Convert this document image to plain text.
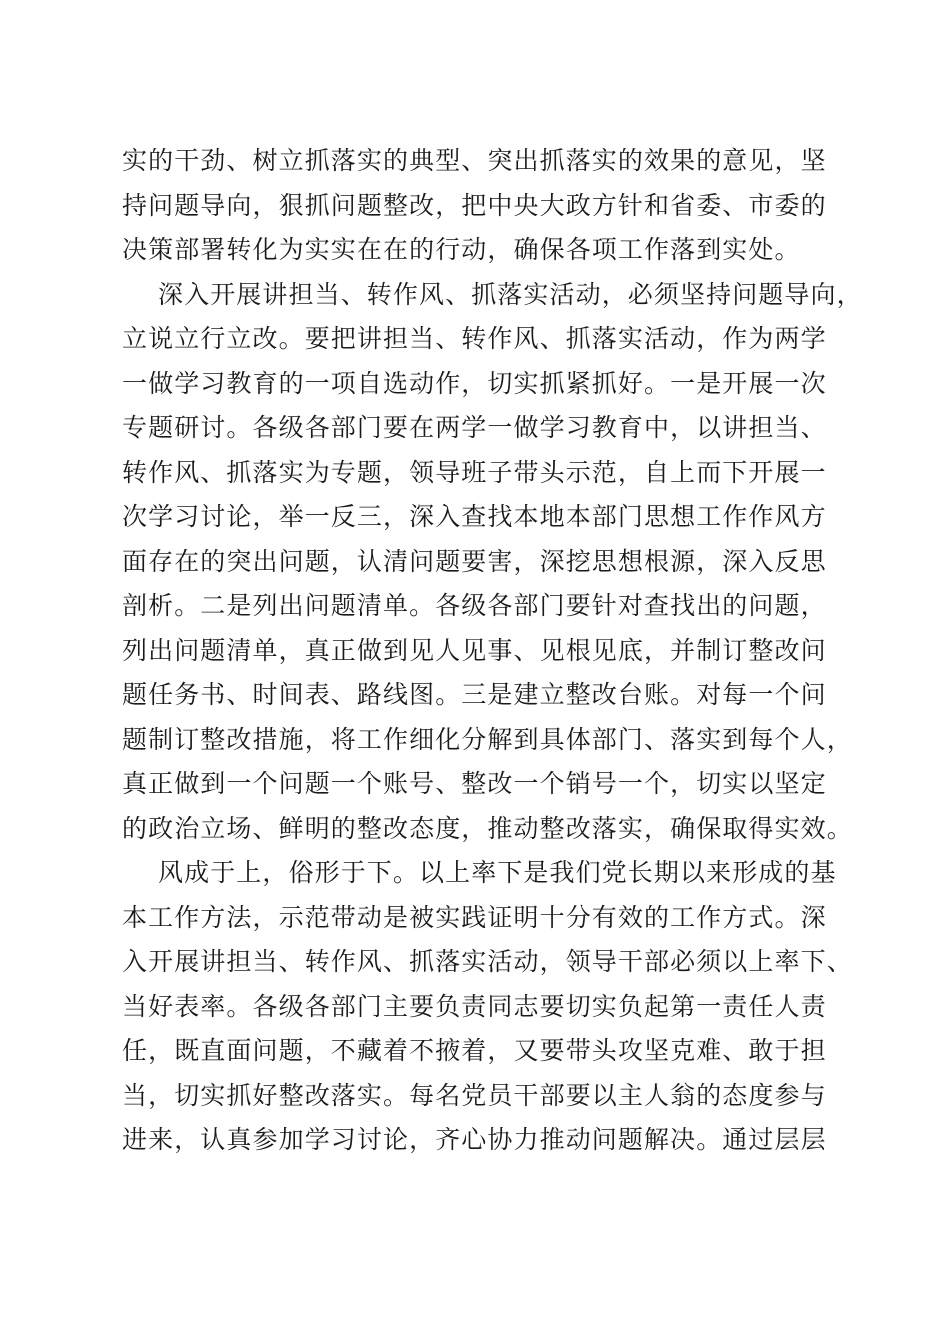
实的干劲、树立抓落实的典型、突出抓落实的效果的意见，坚
持问题导向，狠抓问题整改，把中央大政方针和省委、市委的
决策部署转化为实实在在的行动，确保各项工作落到实处。
深入开展讲担当、转作风、抓落实活动，必须坚持问题导向，
立说立行立改。要把讲担当、转作风、抓落实活动，作为两学
一做学习教育的一项自选动作，切实抓紧抓好。一是开展一次
专题研讨。各级各部门要在两学一做学习教育中，以讲担当、
转作风、抓落实为专题，领导班子带头示范，自上而下开展一
次学习讨论，举一反三，深入查找本地本部门思想工作作风方
面存在的突出问题，认清问题要害，深挖思想根源，深入反思
剖析。二是列出问题清单。各级各部门要针对查找出的问题，
列出问题清单，真正做到见人见事、见根见底，并制订整改问
题任务书、时间表、路线图。三是建立整改台账。对每一个问
题制订整改措施，将工作细化分解到具体部门、落实到每个人，
真正做到一个问题一个账号、整改一个销号一个，切实以坚定
的政治立场、鲜明的整改态度，推动整改落实，确保取得实效。
风成于上，俗形于下。以上率下是我们党长期以来形成的基
本工作方法，示范带动是被实践证明十分有效的工作方式。深
入开展讲担当、转作风、抓落实活动，领导干部必须以上率下、
当好表率。各级各部门主要负责同志要切实负起第一责任人责
任，既直面问题，不藏着不掖着，又要带头攻坚克难、敢于担
当，切实抓好整改落实。每名党员干部要以主人翁的态度参与
进来，认真参加学习讨论，齐心协力推动问题解决。通过层层
